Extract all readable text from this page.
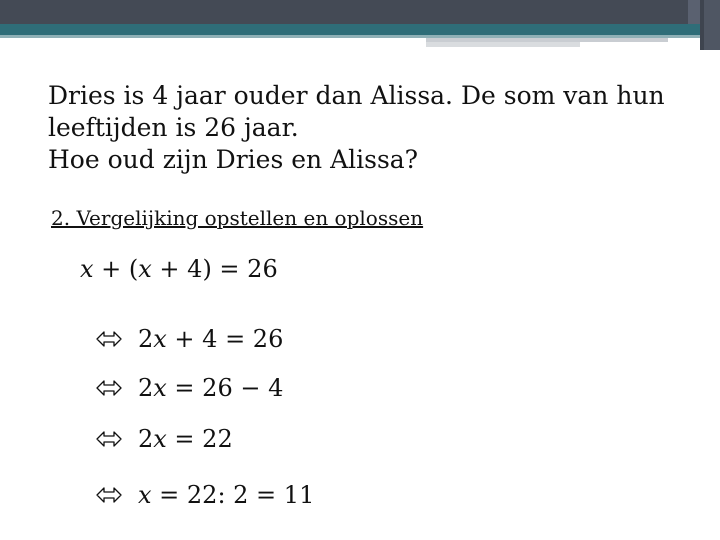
Dries is 4 jaar ouder dan Alissa. De som van hun
leeftijden is 26 jaar.
Hoe oud zijn Dries en Alissa?
2. Vergelijking opstellen en oplossen
𝑥 + (𝑥 + 4) = 26
2𝑥 + 4 = 26
2𝑥 = 26 − 4
2𝑥 = 22
𝑥 = 22: 2 = 11
